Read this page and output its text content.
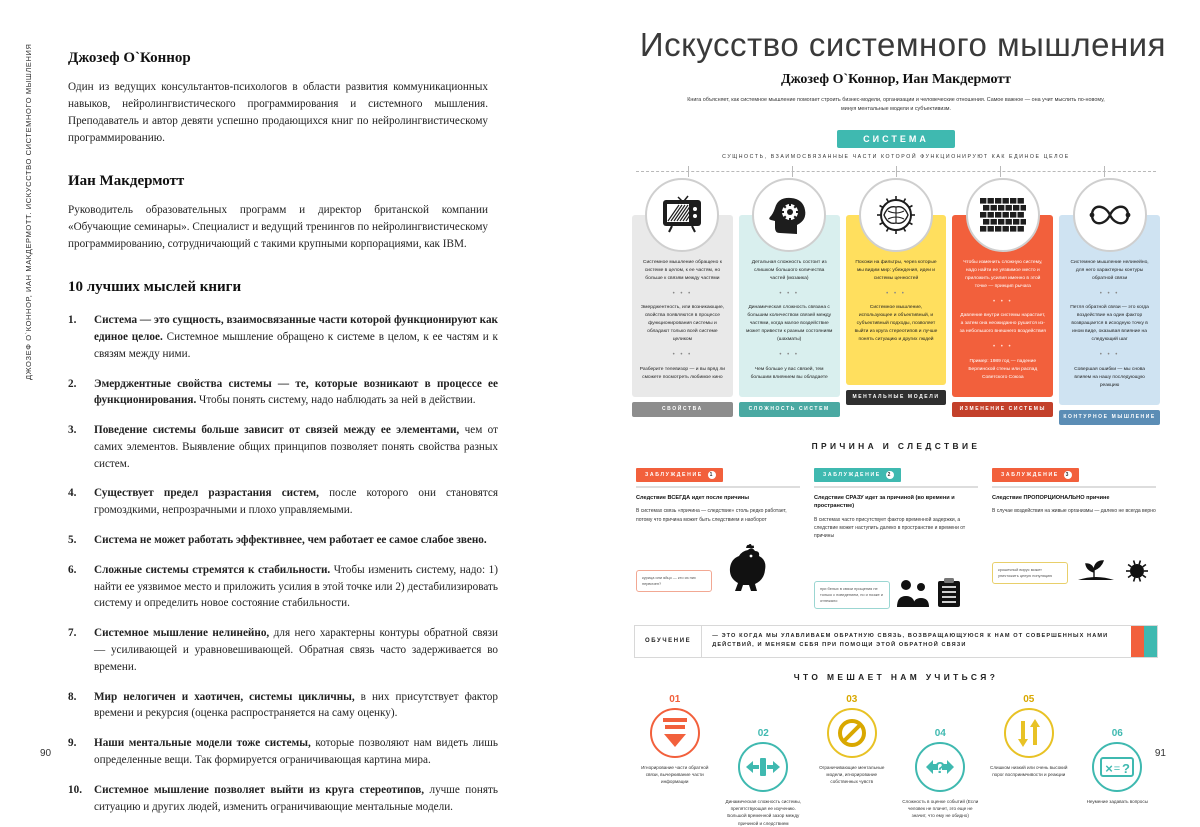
ДЖОЗЕФ О`КОННОР, ИАН МАКДЕРМОТТ. ИСКУССТВО СИСТЕМНОГО МЫШЛЕНИЯ Джозеф О`Коннор

Один из ведущих консультантов-психологов в области развития коммуникационных навыков, нейролингвистического программирования и системного мышления. Преподаватель и автор девяти успешно продающихся книг по нейролингвистическому программированию.

Иан Макдермотт

Руководитель образовательных программ и директор британской компании «Обучающие семинары». Специалист и ведущий тренингов по нейролингвистическому программированию, сотрудничающий с такими крупными корпорациями, как IBM.

10 лучших мыслей книги
1. Система — это сущность, взаимосвязанные части которой функционируют как единое целое. Системное мышление обращено к системе в целом, к ее частям и к связям между ними.
2. Эмерджентные свойства системы — те, которые возникают в процессе ее функционирования. Чтобы понять систему, надо наблюдать за ней в действии.
3. Поведение системы больше зависит от связей между ее элементами, чем от самих элементов. Выявление общих принципов позволяет понять свойства разных систем.
4. Существует предел разрастания систем, после которого они становятся громоздкими, непрозрачными и плохо управляемыми.
5. Система не может работать эффективнее, чем работает ее самое слабое звено.
6. Сложные системы стремятся к стабильности. Чтобы изменить систему, надо: 1) найти ее уязвимое место и приложить усилия в этой точке или 2) дестабилизировать систему и определить новое состояние стабильности.
7. Системное мышление нелинейно, для него характерны контуры обратной связи — усиливающей и уравновешивающей. Обратная связь часто задерживается во времени.
8. Мир нелогичен и хаотичен, системы цикличны, в них присутствует фактор времени и рекурсия (оценка распространяется на саму оценку).
9. Наши ментальные модели тоже системы, которые позволяют нам видеть лишь определенные вещи. Так формируется ограничивающая картина мира.
10. Системное мышление позволяет выйти из круга стереотипов, лучше понять ситуацию и других людей, изменить ограничивающие ментальные модели.
90
Искусство системного мышления
Джозеф О`Коннор, Иан Макдермотт
Книга объясняет, как системное мышление помогает строить бизнес-модели, организации и человеческие отношения. Самое важное — она учит мыслить по-новому, минуя ментальные модели и субъективизм.
СИСТЕМА
СУЩНОСТЬ, ВЗАИМОСВЯЗАННЫЕ ЧАСТИ КОТОРОЙ ФУНКЦИОНИРУЮТ КАК ЕДИНОЕ ЦЕЛОЕ

Системное мышление обращено к системе в целом, к ее частям, но больше к связям между частями

• • •

Эмерджентность, или возникающие, свойства появляются в процессе функционирования системы и обладают только всей системе целиком

• • •

Разберите телевизор — и вы вряд ли сможете посмотреть любимое кино

СВОЙСТВА

Детальная сложность состоит из слишком большого количества частей (мозаика)

• • •

Динамическая сложность связана с большим количеством связей между частями, когда малое воздействие может привести к разным состояниям (шахматы)

• • •

Чем больше у вас связей, тем большим влиянием вы обладаете

СЛОЖНОСТЬ СИСТЕМ

Похожи на фильтры, через которые мы видим мир: убеждения, идеи и системы ценностей

• • •

Системное мышление, использующее и объективный, и субъективный подходы, позволяет выйти из круга стереотипов и лучше понять ситуацию и других людей

МЕНТАЛЬНЫЕ МОДЕЛИ

Чтобы изменить сложную систему, надо найти ее уязвимое место и приложить усилия именно в этой точке — принцип рычага

• • •

Давление внутри системы нарастает, а затем она неожиданно рушится из-за небольшого внешнего воздействия

• • •

Пример: 1989 год — падение Берлинской стены или распад Советского Союза

ИЗМЕНЕНИЕ СИСТЕМЫ

Системное мышление нелинейно, для него характерны контуры обратной связи

• • •

Петля обратной связи — это когда воздействие на один фактор возвращается в исходную точку в ином виде, оказывая влияние на следующий шаг

• • •

Совершая ошибки — мы снова влияем на нашу последующую реакцию

КОНТУРНОЕ МЫШЛЕНИЕ
ПРИЧИНА И СЛЕДСТВИЕ
ЗАБЛУЖДЕНИЕ 1
Следствие ВСЕГДА идет после причины
В системах связь «причина — следствие» столь редко работает, потому что причина может быть следствием и наоборот
курица или яйцо — кто из них первичен?
ЗАБЛУЖДЕНИЕ 2
Следствие СРАЗУ идет за причиной (во времени и пространстве)
В системах часто присутствует фактор временной задержки, а следствие может наступить далеко в пространстве и времени от причины
при белых в связи прощения не только с поведением, но и позже и отлежало
ЗАБЛУЖДЕНИЕ 3
Следствие ПРОПОРЦИОНАЛЬНО причине
В случае воздействия на живые организмы — далеко не всегда верно
крошечный вирус может уничтожить целую популяцию
ОБУЧЕНИЕ
— ЭТО КОГДА МЫ УЛАВЛИВАЕМ ОБРАТНУЮ СВЯЗЬ, ВОЗВРАЩАЮЩУЮСЯ К НАМ ОТ СОВЕРШЕННЫХ НАМИ ДЕЙСТВИЙ, И МЕНЯЕМ СЕБЯ ПРИ ПОМОЩИ ЭТОЙ ОБРАТНОЙ СВЯЗИ
ЧТО МЕШАЕТ НАМ УЧИТЬСЯ?
01
Игнорирование части обратной связи, вычеркивание части информации
02
Динамическая сложность системы, препятствующая ее изучению. Большой временной зазор между причиной и следствием
03
Ограничивающие ментальные модели, игнорирование собственных чувств
04
?
Сложность в оценке событий (Если человек не плачет, это еще не значит, что ему не обидно)
05
Слишком низкий или очень высокий порог восприимчивости и реакции
06
× = ?
Неумение задавать вопросы
91
